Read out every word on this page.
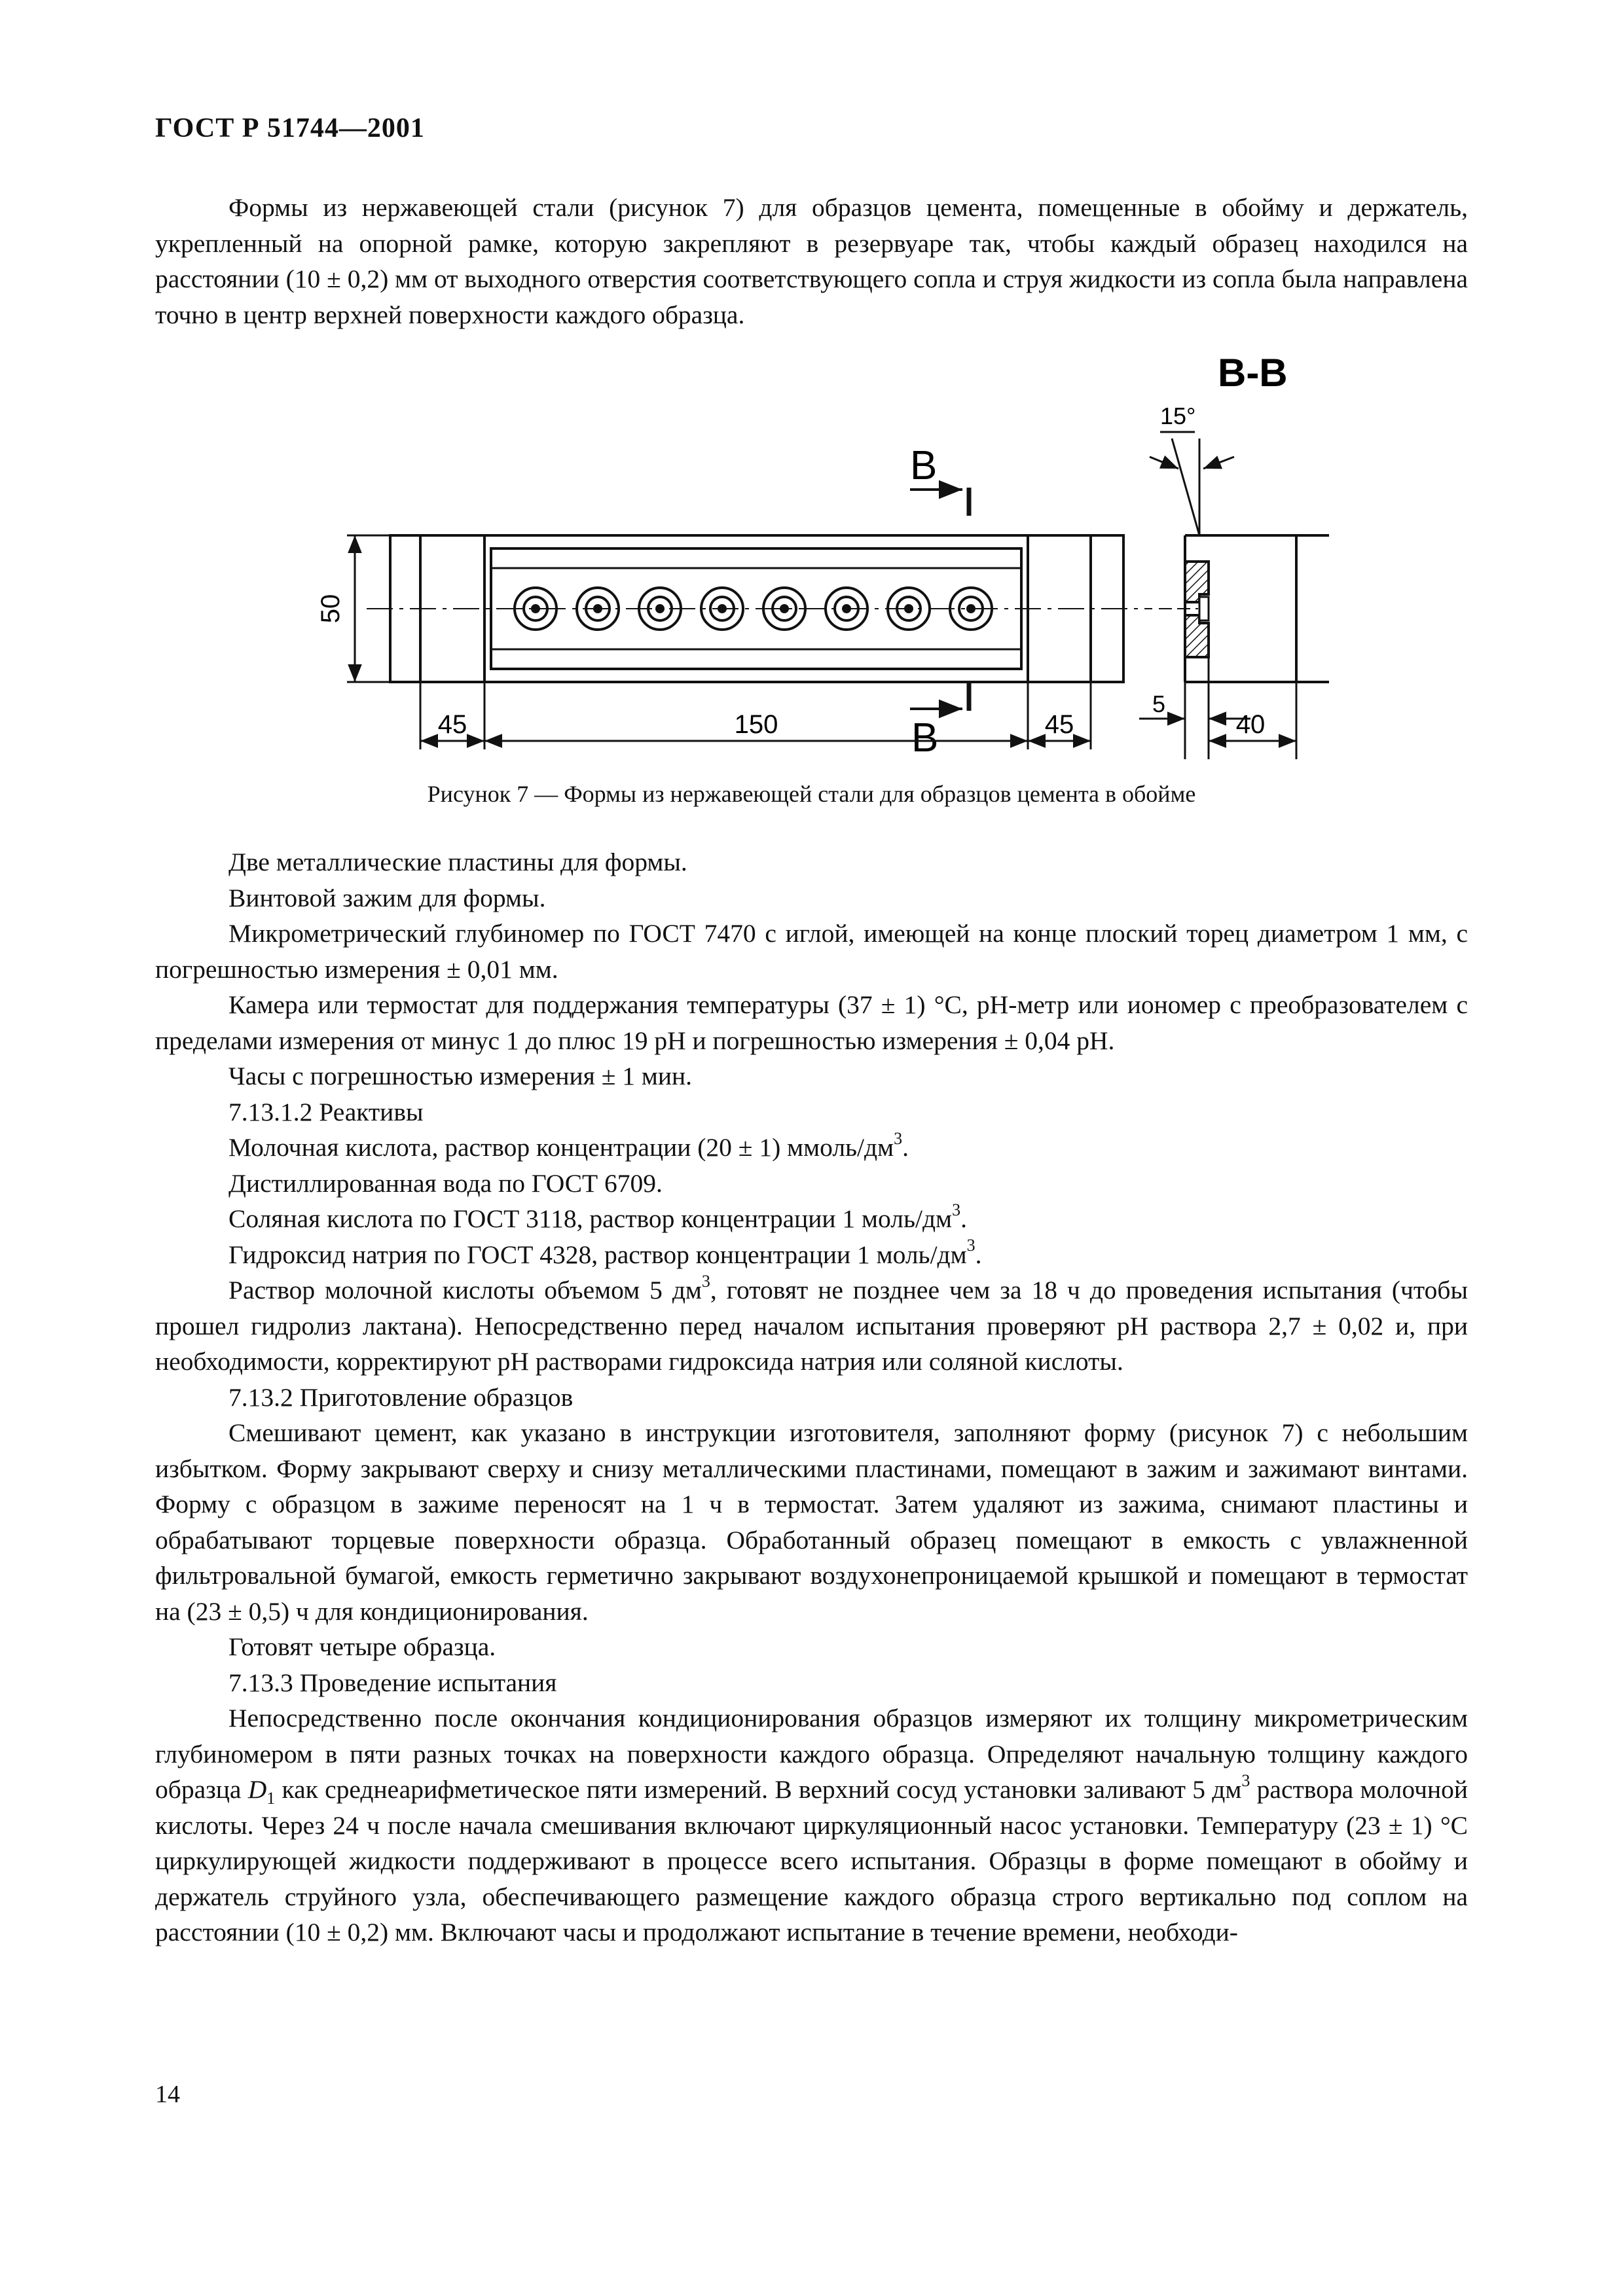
ГОСТ Р 51744—2001

Формы из нержавеющей стали (рисунок 7) для образцов цемента, помещенные в обойму и держатель, укрепленный на опорной рамке, которую закрепляют в резервуаре так, чтобы каждый образец находился на расстоянии (10 ± 0,2) мм от выходного отверстия соответствующего сопла и струя жидкости из сопла была направлена точно в центр верхней поверхности каждого образца.

В
В
50
45	150	45
В-В
15°
5
40
Рисунок 7 — Формы из нержавеющей стали для образцов цемента в обойме

Две металлические пластины для формы.

Винтовой зажим для формы.

Микрометрический глубиномер по ГОСТ 7470 с иглой, имеющей на конце плоский торец диаметром 1 мм, с погрешностью измерения ± 0,01 мм.

Камера или термостат для поддержания температуры (37 ± 1) °С, pH-метр или иономер с преобразователем с пределами измерения от минус 1 до плюс 19 pH и погрешностью измерения ± 0,04 pH.

Часы с погрешностью измерения ± 1 мин.

7.13.1.2 Реактивы

Молочная кислота, раствор концентрации (20 ± 1) ммоль/$дм^3$.

Дистиллированная вода по ГОСТ 6709.

Соляная кислота по ГОСТ 3118, раствор концентрации 1 моль/$дм^3$.

Гидроксид натрия по ГОСТ 4328, раствор концентрации 1 моль/$дм^3$.

Раствор молочной кислоты объемом 5 $дм^3$, готовят не позднее чем за 18 ч до проведения испытания (чтобы прошел гидролиз лактана). Непосредственно перед началом испытания проверяют pH раствора 2,7 ± 0,02 и, при необходимости, корректируют pH растворами гидроксида натрия или соляной кислоты.

7.13.2 Приготовление образцов

Смешивают цемент, как указано в инструкции изготовителя, заполняют форму (рисунок 7) с небольшим избытком. Форму закрывают сверху и снизу металлическими пластинами, помещают в зажим и зажимают винтами. Форму с образцом в зажиме переносят на 1 ч в термостат. Затем удаляют из зажима, снимают пластины и обрабатывают торцевые поверхности образца. Обработанный образец помещают в емкость с увлажненной фильтровальной бумагой, емкость герметично закрывают воздухонепроницаемой крышкой и помещают в термостат на (23 ± 0,5) ч для кондиционирования.

Готовят четыре образца.

7.13.3 Проведение испытания

Непосредственно после окончания кондиционирования образцов измеряют их толщину микрометрическим глубиномером в пяти разных точках на поверхности каждого образца. Определяют начальную толщину каждого образца $D_1$ как среднеарифметическое пяти измерений. В верхний сосуд установки заливают 5 $дм^3$ раствора молочной кислоты. Через 24 ч после начала смешивания включают циркуляционный насос установки. Температуру (23 ± 1) °С циркулирующей жидкости поддерживают в процессе всего испытания. Образцы в форме помещают в обойму и держатель струйного узла, обеспечивающего размещение каждого образца строго вертикально под соплом на расстоянии (10 ± 0,2) мм. Включают часы и продолжают испытание в течение времени, необходи-

14
